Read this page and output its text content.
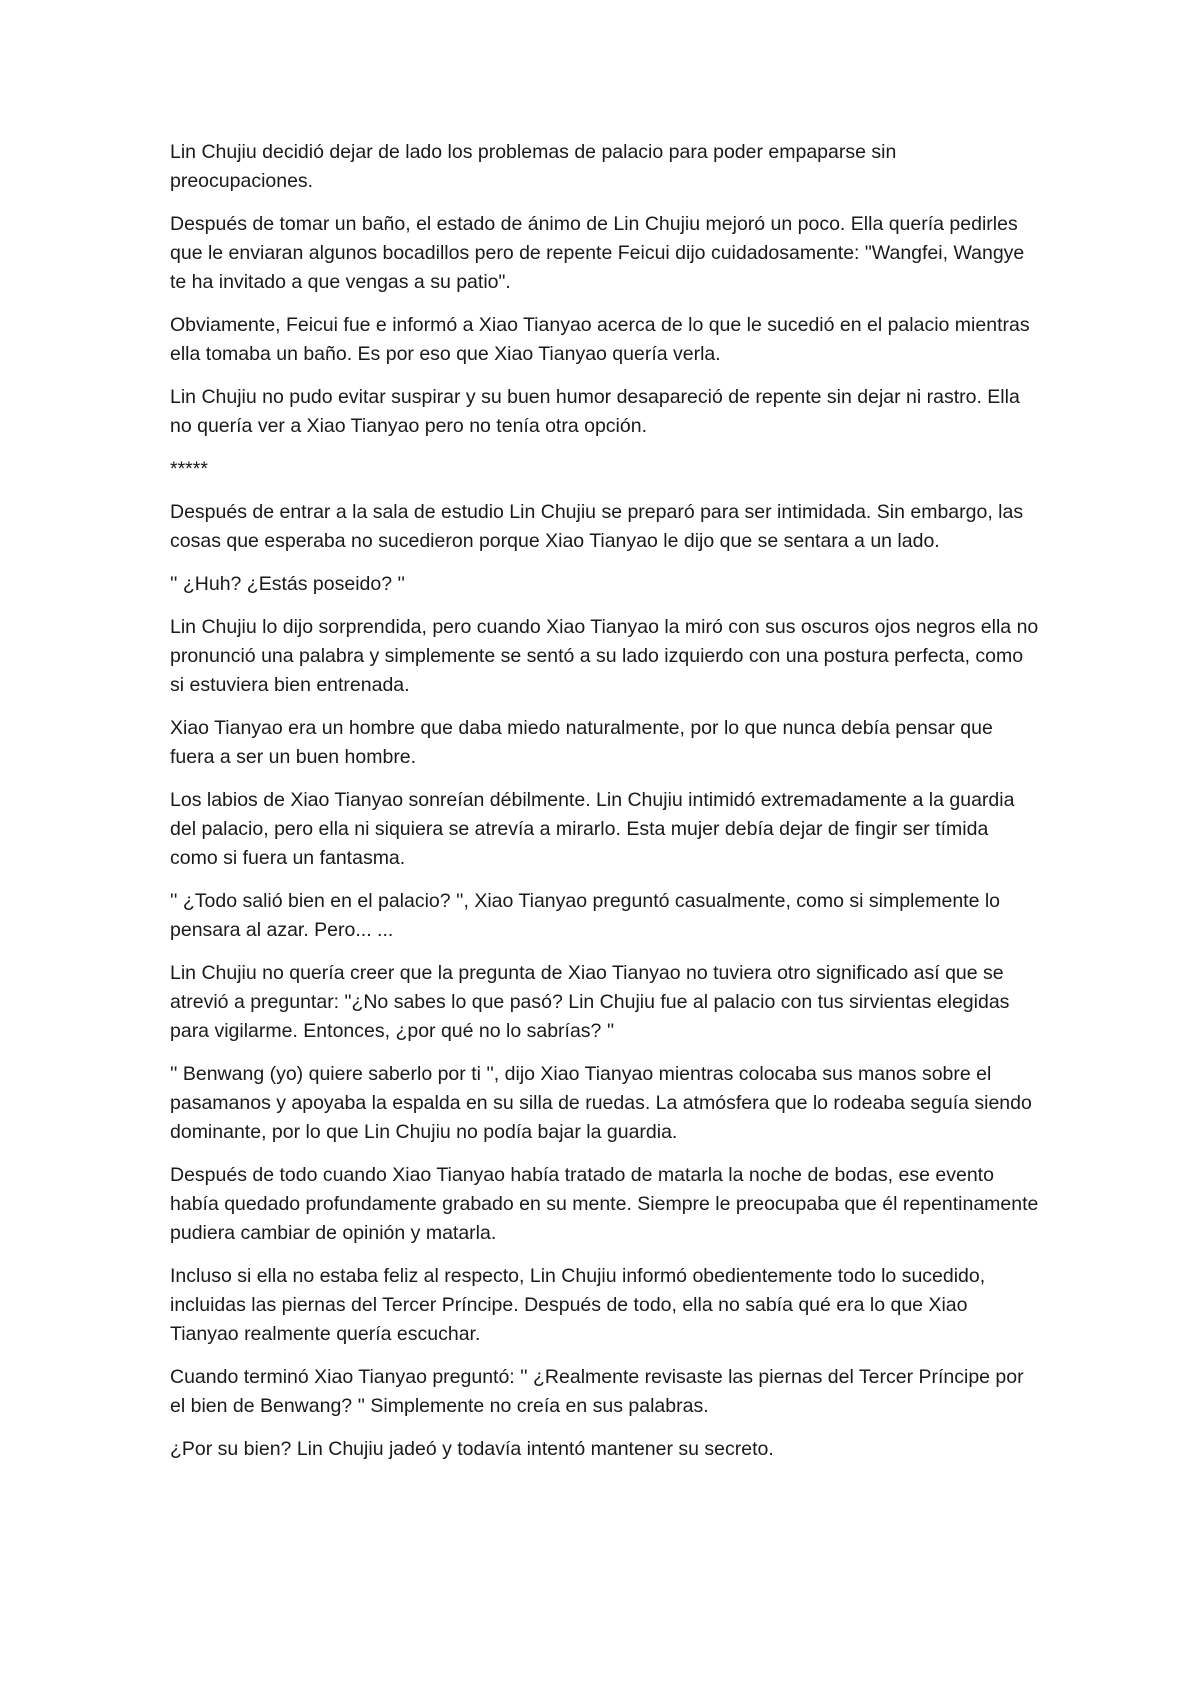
Lin Chujiu decidió dejar de lado los problemas de palacio para poder empaparse sin preocupaciones.

Después de tomar un baño, el estado de ánimo de Lin Chujiu mejoró un poco. Ella quería pedirles que le enviaran algunos bocadillos pero de repente Feicui dijo cuidadosamente: "Wangfei, Wangye te ha invitado a que vengas a su patio".

Obviamente, Feicui fue e informó a Xiao Tianyao acerca de lo que le sucedió en el palacio mientras ella tomaba un baño. Es por eso que Xiao Tianyao quería verla.

Lin Chujiu no pudo evitar suspirar y su buen humor desapareció de repente sin dejar ni rastro. Ella no quería ver a Xiao Tianyao pero no tenía otra opción.

*****

Después de entrar a la sala de estudio Lin Chujiu se preparó para ser intimidada. Sin embargo, las cosas que esperaba no sucedieron porque Xiao Tianyao le dijo que se sentara a un lado.

'' ¿Huh? ¿Estás poseido? ''

Lin Chujiu lo dijo sorprendida, pero cuando Xiao Tianyao la miró con sus oscuros ojos negros ella no pronunció una palabra y simplemente se sentó a su lado izquierdo con una postura perfecta, como si estuviera bien entrenada.

Xiao Tianyao era un hombre que daba miedo naturalmente, por lo que nunca debía pensar que fuera a ser un buen hombre.

Los labios de Xiao Tianyao sonreían débilmente. Lin Chujiu intimidó extremadamente a la guardia del palacio, pero ella ni siquiera se atrevía a mirarlo. Esta mujer debía dejar de fingir ser tímida como si fuera un fantasma.

'' ¿Todo salió bien en el palacio? '', Xiao Tianyao preguntó casualmente, como si simplemente lo pensara al azar. Pero... ...

Lin Chujiu no quería creer que la pregunta de Xiao Tianyao no tuviera otro significado así que se atrevió a preguntar: "¿No sabes lo que pasó? Lin Chujiu fue al palacio con tus sirvientas elegidas para vigilarme. Entonces, ¿por qué no lo sabrías? ''

'' Benwang (yo) quiere saberlo por ti '', dijo Xiao Tianyao mientras colocaba sus manos sobre el pasamanos y apoyaba la espalda en su silla de ruedas. La atmósfera que lo rodeaba seguía siendo dominante, por lo que Lin Chujiu no podía bajar la guardia.

Después de todo cuando Xiao Tianyao había tratado de matarla la noche de bodas, ese evento había quedado profundamente grabado en su mente. Siempre le preocupaba que él repentinamente pudiera cambiar de opinión y matarla.

Incluso si ella no estaba feliz al respecto, Lin Chujiu informó obedientemente todo lo sucedido, incluidas las piernas del Tercer Príncipe. Después de todo, ella no sabía qué era lo que Xiao Tianyao realmente quería escuchar.

Cuando terminó Xiao Tianyao preguntó: '' ¿Realmente revisaste las piernas del Tercer Príncipe por el bien de Benwang? '' Simplemente no creía en sus palabras.

¿Por su bien? Lin Chujiu jadeó y todavía intentó mantener su secreto.
